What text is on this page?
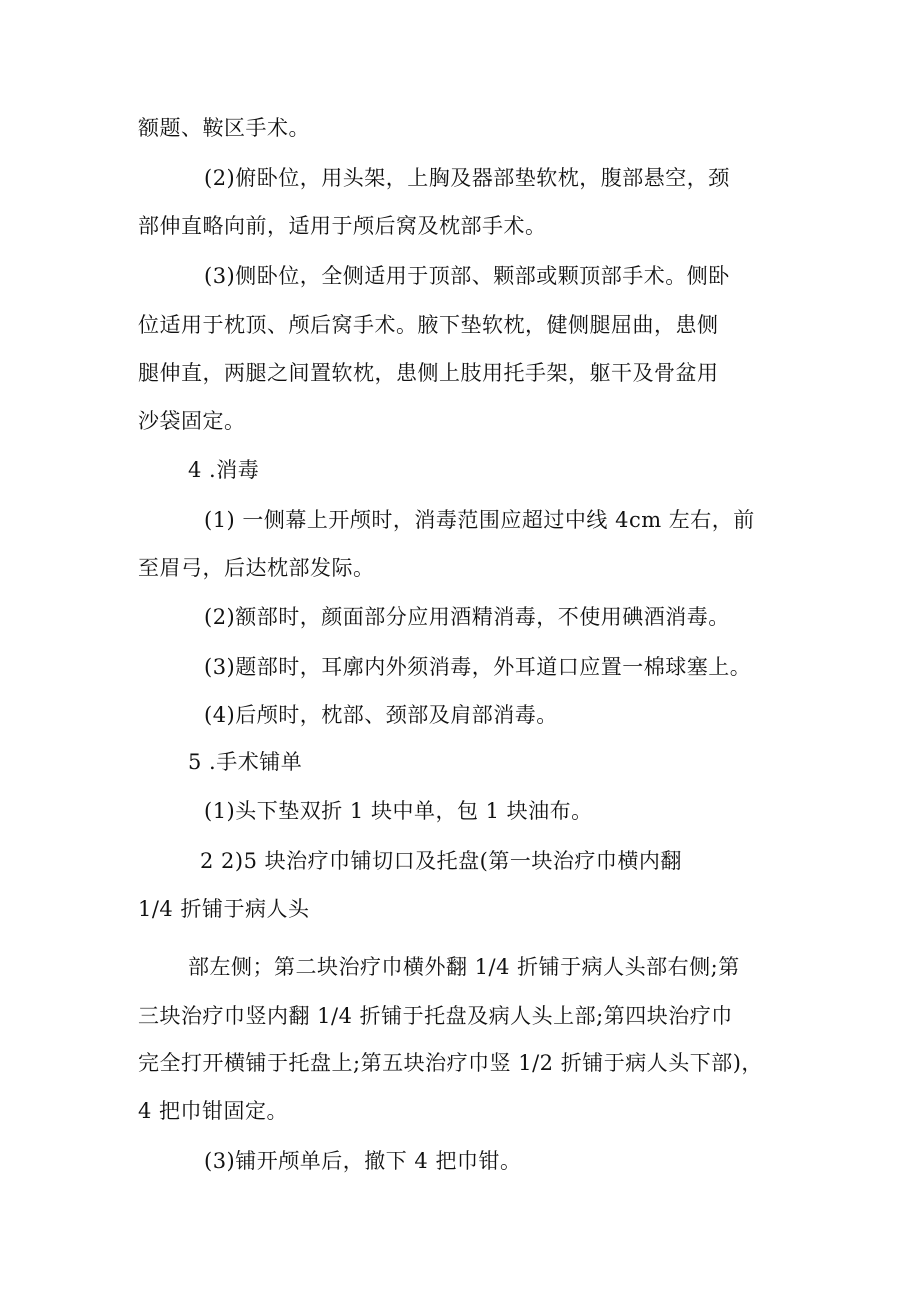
额题、鞍区手术。
(2)俯卧位，用头架，上胸及器部垫软枕，腹部悬空，颈
部伸直略向前，适用于颅后窝及枕部手术。
(3)侧卧位，全侧适用于顶部、颗部或颗顶部手术。侧卧
位适用于枕顶、颅后窝手术。腋下垫软枕，健侧腿屈曲，患侧
腿伸直，两腿之间置软枕，患侧上肢用托手架，躯干及骨盆用
沙袋固定。
4 .消毒
(1) 一侧幕上开颅时，消毒范围应超过中线 4cm 左右，前
至眉弓，后达枕部发际。
(2)额部时，颜面部分应用酒精消毒，不使用碘酒消毒。
(3)题部时，耳廓内外须消毒，外耳道口应置一棉球塞上。
(4)后颅时，枕部、颈部及肩部消毒。
5 .手术铺单
(1)头下垫双折 1 块中单，包 1 块油布。
2 2)5 块治疗巾铺切口及托盘(第一块治疗巾横内翻
1/4 折铺于病人头
部左侧；第二块治疗巾横外翻 1/4 折铺于病人头部右侧;第
三块治疗巾竖内翻 1/4 折铺于托盘及病人头上部;第四块治疗巾
完全打开横铺于托盘上;第五块治疗巾竖 1/2 折铺于病人头下部)，
4 把巾钳固定。
(3)铺开颅单后，撤下 4 把巾钳。
